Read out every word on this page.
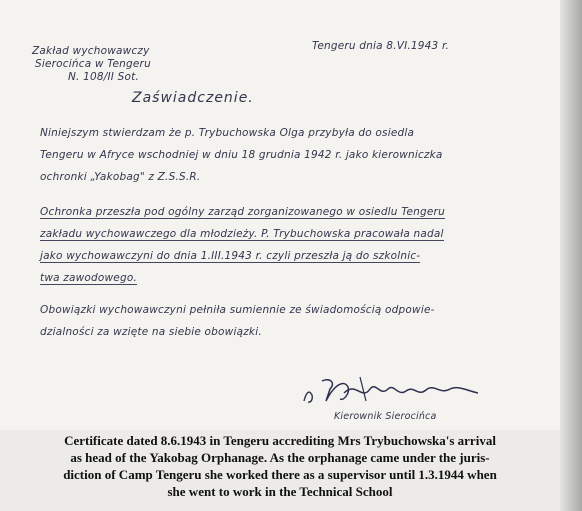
Zakład wychowawczy
Sierocińca w Tengeru
N. 108/II Sot.
Tengeru dnia 8.VI.1943 r.
Zaświadczenie.
Niniejszym stwierdzam że p. Trybuchowska Olga przybyła do osiedla
Tengeru w Afryce wschodniej w dniu 18 grudnia 1942 r. jako kierowniczka
ochronki „Yakobag" z Z.S.S.R.
Ochronka przeszła pod ogólny zarząd zorganizowanego w osiedlu Tengeru
zakładu wychowawczego dla młodzieży. P. Trybuchowska pracowała nadal
jako wychowawczyni do dnia 1.III.1943 r. czyli przeszła ją do szkolnic-
twa zawodowego.
Obowiązki wychowawczyni pełniła sumiennie ze świadomością odpowie-
dzialności za wzięte na siebie obowiązki.
Kierownik Sierocińca
Certificate dated 8.6.1943 in Tengeru accrediting Mrs Trybuchowska's arrival
as head of the Yakobag Orphanage. As the orphanage came under the juris-
diction of Camp Tengeru she worked there as a supervisor until 1.3.1944 when
she went to work in the Technical School
